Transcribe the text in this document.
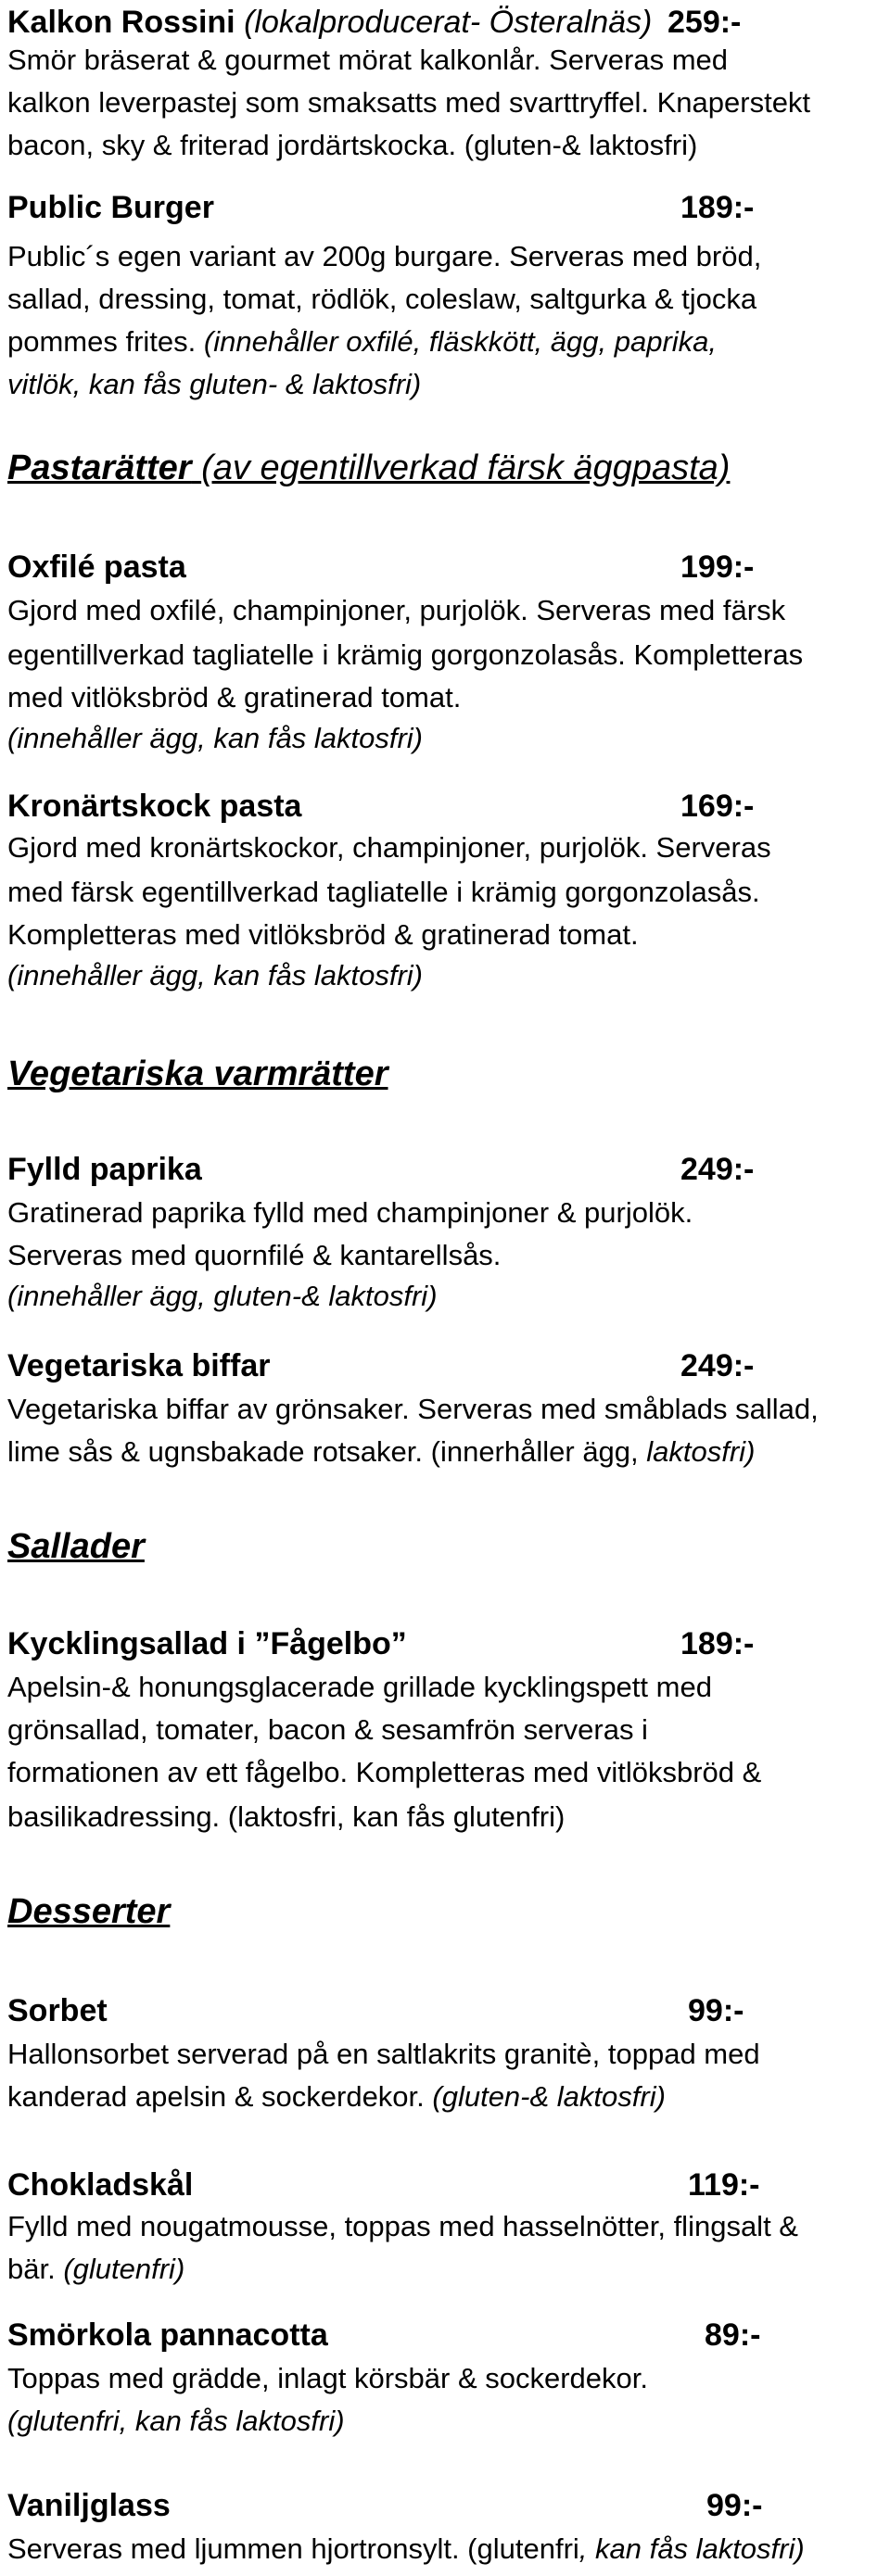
Kalkon Rossini (lokalproducerat- Österalnäs) 259:-
Smör bräserat & gourmet mörat kalkonlår. Serveras med
kalkon leverpastej som smaksatts med svarttryffel. Knaperstekt
bacon, sky & friterad jordärtskocka. (gluten-& laktosfri)
Public Burger	189:-
Public´s egen variant av 200g burgare. Serveras med bröd,
sallad, dressing, tomat, rödlök, coleslaw, saltgurka & tjocka
pommes frites. (innehåller oxfilé, fläskkött, ägg, paprika,
vitlök, kan fås gluten- & laktosfri)
Pastarätter (av egentillverkad färsk äggpasta)
Oxfilé pasta	199:-
Gjord med oxfilé, champinjoner, purjolök. Serveras med färsk
egentillverkad tagliatelle i krämig gorgonzolasås. Kompletteras
med vitlöksbröd & gratinerad tomat.
(innehåller ägg, kan fås laktosfri)
Kronärtskock pasta	169:-
Gjord med kronärtskockor, champinjoner, purjolök. Serveras
med färsk egentillverkad tagliatelle i krämig gorgonzolasås.
Kompletteras med vitlöksbröd & gratinerad tomat.
(innehåller ägg, kan fås laktosfri)
Vegetariska varmrätter
Fylld paprika	249:-
Gratinerad paprika fylld med champinjoner & purjolök.
Serveras med quornfilé & kantarellsås.
(innehåller ägg, gluten-& laktosfri)
Vegetariska biffar	249:-
Vegetariska biffar av grönsaker. Serveras med småblads sallad,
lime sås & ugnsbakade rotsaker. (innerhåller ägg, laktosfri)
Sallader
Kycklingsallad i ”Fågelbo”	189:-
Apelsin-& honungsglacerade grillade kycklingspett med
grönsallad, tomater, bacon & sesamfrön serveras i
formationen av ett fågelbo. Kompletteras med vitlöksbröd &
basilikadressing. (laktosfri, kan fås glutenfri)
Desserter
Sorbet	99:-
Hallonsorbet serverad på en saltlakrits granitè, toppad med
kanderad apelsin & sockerdekor. (gluten-& laktosfri)
Chokladskål	119:-
Fylld med nougatmousse, toppas med hasselnötter, flingsalt &
bär. (glutenfri)
Smörkola pannacotta	89:-
Toppas med grädde, inlagt körsbär & sockerdekor.
(glutenfri, kan fås laktosfri)
Vaniljglass	99:-
Serveras med ljummen hjortronsylt. (glutenfri, kan fås laktosfri)
